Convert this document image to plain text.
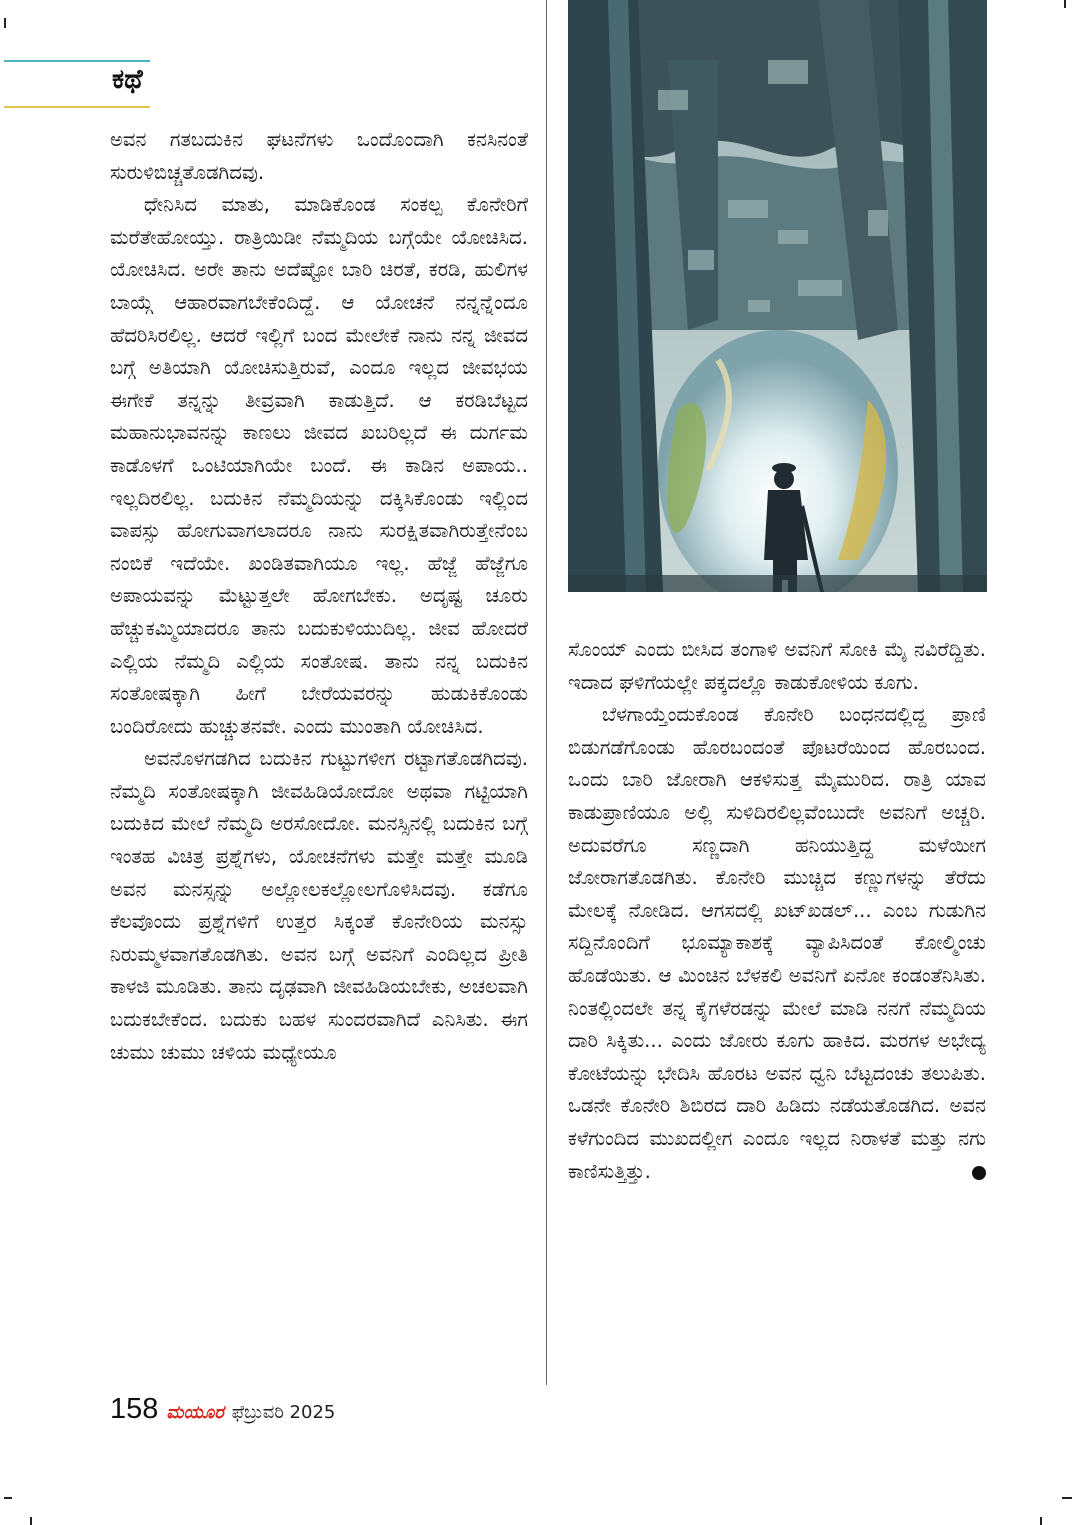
ಕಥೆ

ಅವನ ಗತಬದುಕಿನ ಘಟನೆಗಳು ಒಂದೊಂದಾಗಿ ಕನಸಿನಂತೆ ಸುರುಳಿಬಿಚ್ಚತೊಡಗಿದವು.

ಧೇನಿಸಿದ ಮಾತು, ಮಾಡಿಕೊಂಡ ಸಂಕಲ್ಪ ಕೊನೇರಿಗೆ ಮರೆತೇಹೋಯ್ತು. ರಾತ್ರಿಯಿಡೀ ನೆಮ್ಮದಿಯ ಬಗ್ಗೆಯೇ ಯೋಚಿಸಿದ. ಯೋಚಿಸಿದ. ಅರೇ ತಾನು ಅದೆಷ್ಟೋ ಬಾರಿ ಚಿರತೆ, ಕರಡಿ, ಹುಲಿಗಳ ಬಾಯ್ಗೆ ಆಹಾರವಾಗಬೇಕೆಂದಿದ್ದೆ. ಆ ಯೋಚನೆ ನನ್ನನ್ನೆಂದೂ ಹೆದರಿಸಿರಲಿಲ್ಲ. ಆದರೆ ಇಲ್ಲಿಗೆ ಬಂದ ಮೇಲೇಕೆ ನಾನು ನನ್ನ ಜೀವದ ಬಗ್ಗೆ ಅತಿಯಾಗಿ ಯೋಚಿಸುತ್ತಿರುವೆ, ಎಂದೂ ಇಲ್ಲದ ಜೀವಭಯ ಈಗೇಕೆ ತನ್ನನ್ನು ತೀವ್ರವಾಗಿ ಕಾಡುತ್ತಿದೆ. ಆ ಕರಡಿಬೆಟ್ಟದ ಮಹಾನುಭಾವನನ್ನು ಕಾಣಲು ಜೀವದ ಖಬರಿಲ್ಲದೆ ಈ ದುರ್ಗಮ ಕಾಡೊಳಗೆ ಒಂಟಿಯಾಗಿಯೇ ಬಂದೆ. ಈ ಕಾಡಿನ ಅಪಾಯ.. ಇಲ್ಲದಿರಲಿಲ್ಲ. ಬದುಕಿನ ನೆಮ್ಮದಿಯನ್ನು ದಕ್ಕಿಸಿಕೊಂಡು ಇಲ್ಲಿಂದ ವಾಪಸ್ಸು ಹೋಗುವಾಗಲಾದರೂ ನಾನು ಸುರಕ್ಷಿತವಾಗಿರುತ್ತೇನೆಂಬ ನಂಬಿಕೆ ಇದೆಯೇ. ಖಂಡಿತವಾಗಿಯೂ ಇಲ್ಲ. ಹೆಜ್ಜೆ ಹೆಜ್ಜೆಗೂ ಅಪಾಯವನ್ನು ಮೆಟ್ಟುತ್ತಲೇ ಹೋಗಬೇಕು. ಅದೃಷ್ಟ ಚೂರು ಹೆಚ್ಚುಕಮ್ಮಿಯಾದರೂ ತಾನು ಬದುಕುಳಿಯುದಿಲ್ಲ. ಜೀವ ಹೋದರೆ ಎಲ್ಲಿಯ ನೆಮ್ಮದಿ ಎಲ್ಲಿಯ ಸಂತೋಷ. ತಾನು ನನ್ನ ಬದುಕಿನ ಸಂತೋಷಕ್ಕಾಗಿ ಹೀಗೆ ಬೇರೆಯವರನ್ನು ಹುಡುಕಿಕೊಂಡು ಬಂದಿರೋದು ಹುಚ್ಚುತನವೇ. ಎಂದು ಮುಂತಾಗಿ ಯೋಚಿಸಿದ.

ಅವನೊಳಗಡಗಿದ ಬದುಕಿನ ಗುಟ್ಟುಗಳೀಗ ರಟ್ಟಾಗತೊಡಗಿದವು. ನೆಮ್ಮದಿ ಸಂತೋಷಕ್ಕಾಗಿ ಜೀವಹಿಡಿಯೋದೋ ಅಥವಾ ಗಟ್ಟಿಯಾಗಿ ಬದುಕಿದ ಮೇಲೆ ನೆಮ್ಮದಿ ಅರಸೋದೋ. ಮನಸ್ಸಿನಲ್ಲಿ ಬದುಕಿನ ಬಗ್ಗೆ ಇಂತಹ ವಿಚಿತ್ರ ಪ್ರಶ್ನೆಗಳು, ಯೋಚನೆಗಳು ಮತ್ತೇ ಮತ್ತೇ ಮೂಡಿ ಅವನ ಮನಸ್ಸನ್ನು ಅಲ್ಲೋಲಕಲ್ಲೋಲಗೊಳಿಸಿದವು. ಕಡೆಗೂ ಕೆಲವೊಂದು ಪ್ರಶ್ನೆಗಳಿಗೆ ಉತ್ತರ ಸಿಕ್ಕಂತೆ ಕೊನೇರಿಯ ಮನಸ್ಸು ನಿರುಮ್ಮಳವಾಗತೊಡಗಿತು. ಅವನ ಬಗ್ಗೆ ಅವನಿಗೆ ಎಂದಿಲ್ಲದ ಪ್ರೀತಿ ಕಾಳಜಿ ಮೂಡಿತು. ತಾನು ದೃಢವಾಗಿ ಜೀವಹಿಡಿಯಬೇಕು, ಅಚಲವಾಗಿ ಬದುಕಬೇಕೆಂದ. ಬದುಕು ಬಹಳ ಸುಂದರವಾಗಿದೆ ಎನಿಸಿತು. ಈಗ ಚುಮು ಚುಮು ಚಳಿಯ ಮಧ್ಯೇಯೂ

ಸೊಂಯ್ ಎಂದು ಬೀಸಿದ ತಂಗಾಳಿ ಅವನಿಗೆ ಸೋಕಿ ಮೈ ನವಿರೆದ್ದಿತು. ಇದಾದ ಘಳಿಗೆಯಲ್ಲೇ ಪಕ್ಕದಲ್ಲೊ ಕಾಡುಕೋಳಿಯ ಕೂಗು.

ಬೆಳಗಾಯ್ತೆಂದುಕೊಂಡ ಕೊನೇರಿ ಬಂಧನದಲ್ಲಿದ್ದ ಪ್ರಾಣಿ ಬಿಡುಗಡೆಗೊಂಡು ಹೊರಬಂದಂತೆ ಪೊಟರೆಯಿಂದ ಹೊರಬಂದ. ಒಂದು ಬಾರಿ ಜೋರಾಗಿ ಆಕಳಿಸುತ್ತ ಮೈಮುರಿದ. ರಾತ್ರಿ ಯಾವ ಕಾಡುಪ್ರಾಣಿಯೂ ಅಲ್ಲಿ ಸುಳಿದಿರಲಿಲ್ಲವೆಂಬುದೇ ಅವನಿಗೆ ಅಚ್ಚರಿ. ಅದುವರೆಗೂ ಸಣ್ಣದಾಗಿ ಹನಿಯುತ್ತಿದ್ದ ಮಳೆಯೀಗ ಜೋರಾಗತೊಡಗಿತು. ಕೊನೇರಿ ಮುಚ್ಚಿದ ಕಣ್ಣುಗಳನ್ನು ತೆರೆದು ಮೇಲಕ್ಕೆ ನೋಡಿದ. ಆಗಸದಲ್ಲಿ ಖಟ್‌ಖಡಲ್... ಎಂಬ ಗುಡುಗಿನ ಸದ್ದಿನೊಂದಿಗೆ ಭೂಮ್ಯಾಕಾಶಕ್ಕೆ ವ್ಯಾಪಿಸಿದಂತೆ ಕೋಲ್ಮಿಂಚು ಹೊಡೆಯಿತು. ಆ ಮಿಂಚಿನ ಬೆಳಕಲಿ ಅವನಿಗೆ ಏನೋ ಕಂಡಂತೆನಿಸಿತು. ನಿಂತಲ್ಲಿಂದಲೇ ತನ್ನ ಕೈಗಳೆರಡನ್ನು ಮೇಲೆ ಮಾಡಿ ನನಗೆ ನೆಮ್ಮದಿಯ ದಾರಿ ಸಿಕ್ಕಿತು... ಎಂದು ಜೋರು ಕೂಗು ಹಾಕಿದ. ಮರಗಳ ಅಭೇದ್ಯ ಕೋಟೆಯನ್ನು ಭೇದಿಸಿ ಹೊರಟ ಅವನ ಧ್ವನಿ ಬೆಟ್ಟದಂಚು ತಲುಪಿತು. ಒಡನೇ ಕೊನೇರಿ ಶಿಬಿರದ ದಾರಿ ಹಿಡಿದು ನಡೆಯತೊಡಗಿದ. ಅವನ ಕಳೆಗುಂದಿದ ಮುಖದಲ್ಲೀಗ ಎಂದೂ ಇಲ್ಲದ ನಿರಾಳತೆ ಮತ್ತು ನಗು ಕಾಣಿಸುತ್ತಿತ್ತು.

158 ಮಯೂರ ಫೆಬ್ರುವರಿ 2025
